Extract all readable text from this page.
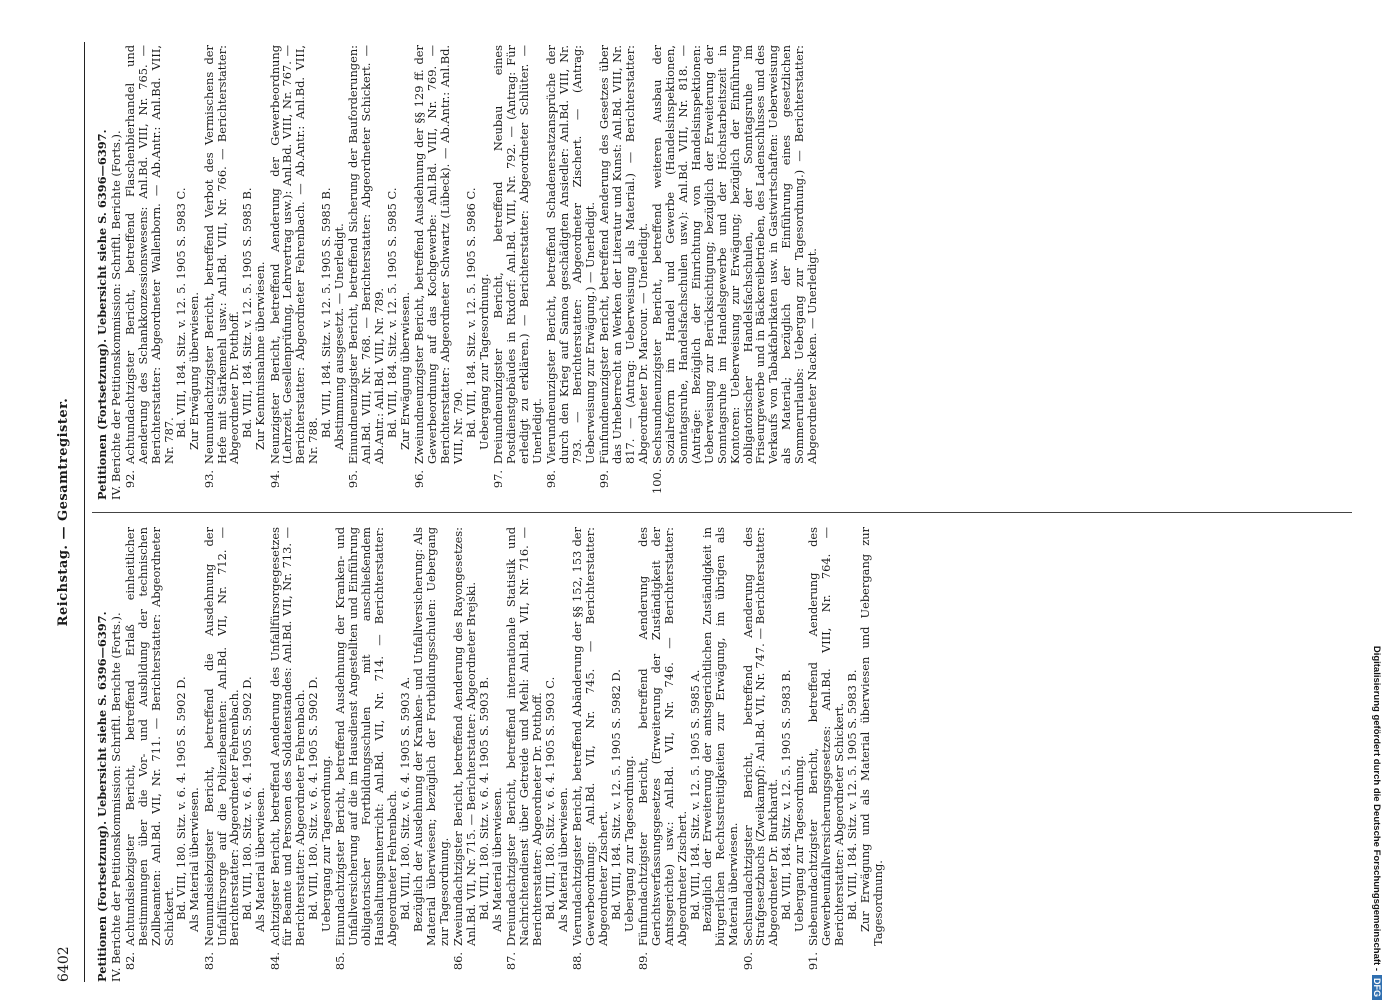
6402
Reichstag. — Gesamtregister.
Petitionen (Fortsetzung). Uebersicht siehe S. 6396—6397. IV. Berichte der Petitionskommission: Schriftl. Berichte (Forts.). 82.
Achtundsiebzigster Bericht, betreffend Erlaß einheitlicher Bestimmungen über die Vor- und Ausbildung der technischen Zollbeamten: Anl.Bd. VII, Nr. 711. — Berichterstatter: Abgeordneter Schickert.
Bd. VIII, 180. Sitz. v. 6. 4. 1905 S. 5902 D.
Als Material überwiesen.
83.
Neunundsiebzigster Bericht, betreffend die Ausdehnung der Unfallfürsorge auf die Polizeibeamten: Anl.Bd. VII, Nr. 712. — Berichterstatter: Abgeordneter Fehrenbach.
Bd. VIII, 180. Sitz. v. 6. 4. 1905 S. 5902 D.
Als Material überwiesen.
84.
Achtzigster Bericht, betreffend Aenderung des Unfallfürsorgegesetzes für Beamte und Personen des Soldatenstandes: Anl.Bd. VII, Nr. 713. — Berichterstatter: Abgeordneter Fehrenbach.
Bd. VIII, 180. Sitz. v. 6. 4. 1905 S. 5902 D.
Uebergang zur Tagesordnung.
85.
Einundachtzigster Bericht, betreffend Ausdehnung der Kranken- und Unfallversicherung auf die im Hausdienst Angestellten und Einführung obligatorischer Fortbildungsschulen mit anschließendem Haushaltungsunterricht: Anl.Bd. VII, Nr. 714. — Berichterstatter: Abgeordneter Fehrenbach.
Bd. VIII, 180. Sitz. v. 6. 4. 1905 S. 5903 A.
Bezüglich der Ausdehnung der Kranken- und Unfallversicherung: Als Material überwiesen; bezüglich der Fortbildungsschulen: Uebergang zur Tagesordnung.
86.
Zweiundachtzigster Bericht, betreffend Aenderung des Rayongesetzes: Anl.Bd. VII, Nr. 715. — Berichterstatter: Abgeordneter Brejski.
Bd. VIII, 180. Sitz. v. 6. 4. 1905 S. 5903 B.
Als Material überwiesen.
87.
Dreiundachtzigster Bericht, betreffend internationale Statistik und Nachrichtendienst über Getreide und Mehl: Anl.Bd. VII, Nr. 716. — Berichterstatter: Abgeordneter Dr. Potthoff.
Bd. VIII, 180. Sitz. v. 6. 4. 1905 S. 5903 C.
Als Material überwiesen.
88.
Vierundachtzigster Bericht, betreffend Abänderung der §§ 152, 153 der Gewerbeordnung: Anl.Bd. VII, Nr. 745. — Berichterstatter: Abgeordneter Zischert.
Bd. VIII, 184. Sitz. v. 12. 5. 1905 S. 5982 D.
Uebergang zur Tagesordnung.
89.
Fünfundachtzigster Bericht, betreffend Aenderung des Gerichtsverfassungsgesetzes (Erweiterung der Zuständigkeit der Amtsgerichte) usw.: Anl.Bd. VII, Nr. 746. — Berichterstatter: Abgeordneter Zischert.
Bd. VIII, 184. Sitz. v. 12. 5. 1905 S. 5985 A.
Bezüglich der Erweiterung der amtsgerichtlichen Zuständigkeit in bürgerlichen Rechtsstreitigkeiten zur Erwägung, im übrigen als Material überwiesen.
90.
Sechsundachtzigster Bericht, betreffend Aenderung des Strafgesetzbuchs (Zweikampf): Anl.Bd. VII, Nr. 747. — Berichterstatter: Abgeordneter Dr. Burkhardt.
Bd. VIII, 184. Sitz. v. 12. 5. 1905 S. 5983 B.
Uebergang zur Tagesordnung.
91.
Siebenundachtzigster Bericht, betreffend Aenderung des Gewerbeunfallversicherungsgesetzes: Anl.Bd. VIII, Nr. 764. — Berichterstatter: Abgeordneter Schickert.
Bd. VIII, 184. Sitz. v. 12. 5. 1905 S. 5983 B.
Zur Erwägung und als Material überwiesen und Uebergang zur Tagesordnung.
Petitionen (Fortsetzung). Uebersicht siehe S. 6396—6397. IV. Berichte der Petitionskommission: Schriftl. Berichte (Forts.). 92.
Achtundachtzigster Bericht, betreffend Flaschenbierhandel und Aenderung des Schankkonzessionswesens: Anl.Bd. VIII, Nr. 765. — Berichterstatter: Abgeordneter Wallenborn. — Ab.Antr.: Anl.Bd. VIII, Nr. 787.
Bd. VIII, 184. Sitz. v. 12. 5. 1905 S. 5983 C.
Zur Erwägung überwiesen.
93.
Neunundachtzigster Bericht, betreffend Verbot des Vermischens der Hefe mit Stärkemehl usw.: Anl.Bd. VIII, Nr. 766. — Berichterstatter: Abgeordneter Dr. Potthoff.
Bd. VIII, 184. Sitz. v. 12. 5. 1905 S. 5985 B.
Zur Kenntnisnahme überwiesen.
94.
Neunzigster Bericht, betreffend Aenderung der Gewerbeordnung (Lehrzeit, Gesellenprüfung, Lehrvertrag usw.): Anl.Bd. VIII, Nr. 767. — Berichterstatter: Abgeordneter Fehrenbach. — Ab.Antr.: Anl.Bd. VIII, Nr. 788.
Bd. VIII, 184. Sitz. v. 12. 5. 1905 S. 5985 B.
Abstimmung ausgesetzt. — Unerledigt.
95.
Einundneunzigster Bericht, betreffend Sicherung der Bauforderungen: Anl.Bd. VIII, Nr. 768. — Berichterstatter: Abgeordneter Schickert. — Ab.Antr.: Anl.Bd. VIII, Nr. 789.
Bd. VIII, 184. Sitz. v. 12. 5. 1905 S. 5985 C.
Zur Erwägung überwiesen.
96.
Zweiundneunzigster Bericht, betreffend Ausdehnung der §§ 129 ff. der Gewerbeordnung auf das Kochgewerbe: Anl.Bd. VIII, Nr. 769. — Berichterstatter: Abgeordneter Schwartz (Lübeck). — Ab.Antr.: Anl.Bd. VIII, Nr. 790.
Bd. VIII, 184. Sitz. v. 12. 5. 1905 S. 5986 C.
Uebergang zur Tagesordnung.
97.
Dreiundneunzigster Bericht, betreffend Neubau eines Postdienstgebäudes in Rixdorf: Anl.Bd. VIII, Nr. 792. — (Antrag: Für erledigt zu erklären.) — Berichterstatter: Abgeordneter Schlüter. — Unerledigt.
98.
Vierundneunzigster Bericht, betreffend Schadenersatzansprüche der durch den Krieg auf Samoa geschädigten Ansiedler: Anl.Bd. VIII, Nr. 793. — Berichterstatter: Abgeordneter Zischert. — (Antrag: Ueberweisung zur Erwägung.) — Unerledigt.
99.
Fünfundneunzigster Bericht, betreffend Aenderung des Gesetzes über das Urheberrecht an Werken der Literatur und Kunst: Anl.Bd. VIII, Nr. 817. — (Antrag: Ueberweisung als Material.) — Berichterstatter: Abgeordneter Dr. Marcour. — Unerledigt.
100.
Sechsundneunzigster Bericht, betreffend weiteren Ausbau der Sozialreform im Handel und Gewerbe (Handelsinspektionen, Sonntagsruhe, Handelsfachschulen usw.): Anl.Bd. VIII, Nr. 818. — (Anträge: Bezüglich der Einrichtung von Handelsinspektionen: Ueberweisung zur Berücksichtigung; bezüglich der Erweiterung der Sonntagsruhe im Handelsgewerbe und der Höchstarbeitszeit in Kontoren: Ueberweisung zur Erwägung; bezüglich der Einführung obligatorischer Handelsfachschulen, der Sonntagsruhe im Friseurgewerbe und in Bäckereibetrieben, des Ladenschlusses und des Verkaufs von Tabakfabrikaten usw. in Gastwirtschaften: Ueberweisung als Material; bezüglich der Einführung eines gesetzlichen Sommerurlaubs: Uebergang zur Tagesordnung.) — Berichterstatter: Abgeordneter Nacken. — Unerledigt.
Digitalisierung gefördert durch die Deutsche Forschungsgemeinschaft -DFG
